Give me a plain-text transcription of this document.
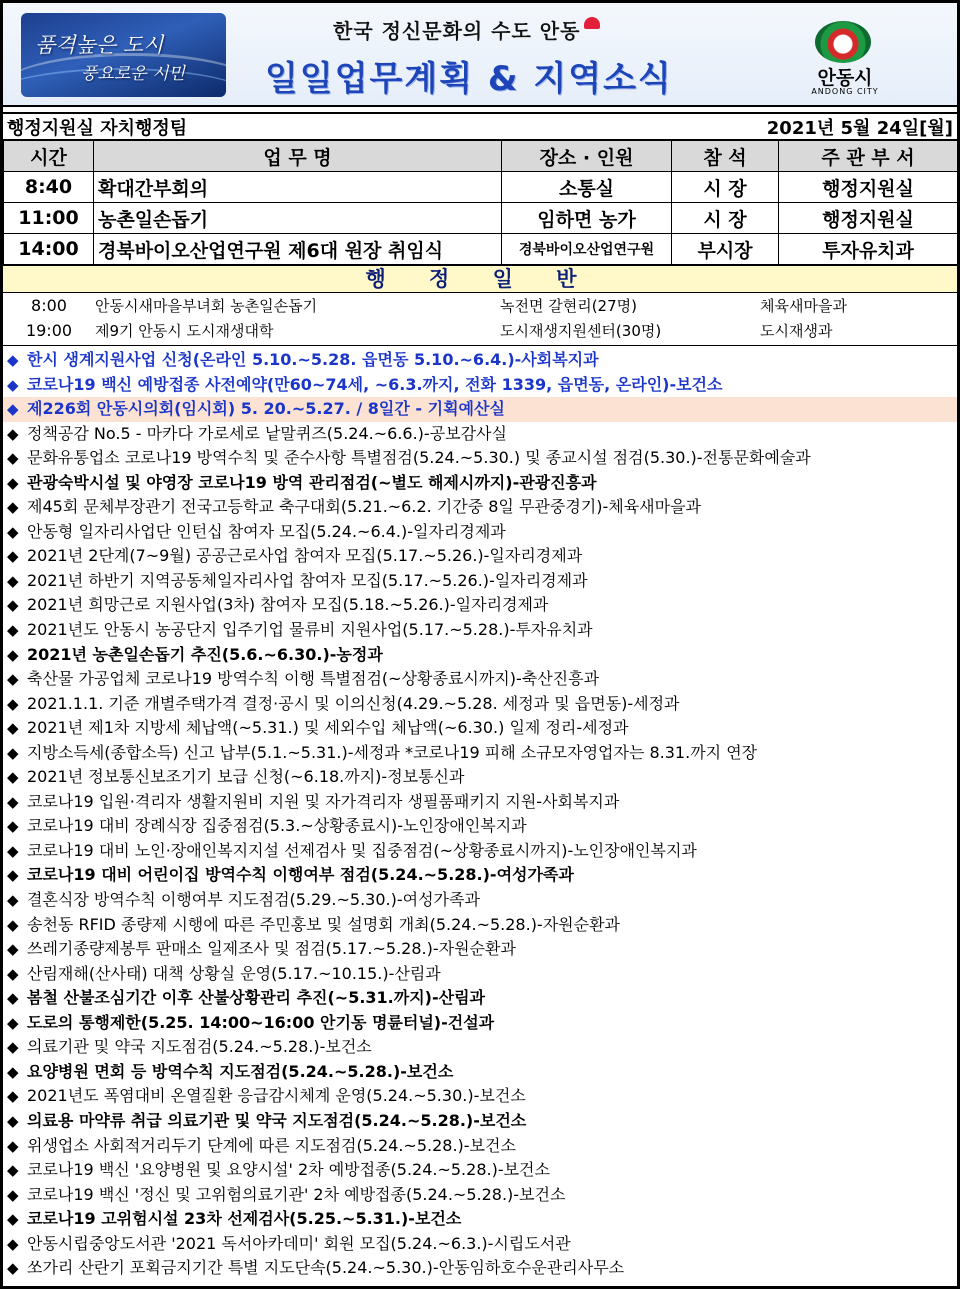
품격높은 도시
풍요로운 시민
한국 정신문화의 수도 안동
일일업무계획 & 지역소식	안동시
ANDONG CITY
행정지원실 자치행정팀	2021년 5월 24일[월]
시간	업 무 명	장소 · 인원	참 석	주 관 부 서
8:40	확대간부회의	소통실	시 장	행정지원실
11:00	농촌일손돕기	임하면 농가	시 장	행정지원실
14:00	경북바이오산업연구원 제6대 원장 취임식	경북바이오산업연구원	부시장	투자유치과
행 정 일 반
8:00	안동시새마을부녀회 농촌일손돕기	녹전면 갈현리(27명)	체육새마을과
19:00	제9기 안동시 도시재생대학	도시재생지원센터(30명)	도시재생과
◆ 한시 생계지원사업 신청(온라인 5.10.~5.28. 읍면동 5.10.~6.4.)-사회복지과
◆ 코로나19 백신 예방접종 사전예약(만60~74세, ~6.3.까지, 전화 1339, 읍면동, 온라인)-보건소
◆ 제226회 안동시의회(임시회) 5. 20.~5.27. / 8일간 - 기획예산실
◆ 정책공감 No.5 - 마카다 가로세로 낱말퀴즈(5.24.~6.6.)-공보감사실
◆ 문화유통업소 코로나19 방역수칙 및 준수사항 특별점검(5.24.~5.30.) 및 종교시설 점검(5.30.)-전통문화예술과
◆ 관광숙박시설 및 야영장 코로나19 방역 관리점검(~별도 해제시까지)-관광진흥과
◆ 제45회 문체부장관기 전국고등학교 축구대회(5.21.~6.2. 기간중 8일 무관중경기)-체육새마을과
◆ 안동형 일자리사업단 인턴십 참여자 모집(5.24.~6.4.)-일자리경제과
◆ 2021년 2단계(7~9월) 공공근로사업 참여자 모집(5.17.~5.26.)-일자리경제과
◆ 2021년 하반기 지역공동체일자리사업 참여자 모집(5.17.~5.26.)-일자리경제과
◆ 2021년 희망근로 지원사업(3차) 참여자 모집(5.18.~5.26.)-일자리경제과
◆ 2021년도 안동시 농공단지 입주기업 물류비 지원사업(5.17.~5.28.)-투자유치과
◆ 2021년 농촌일손돕기 추진(5.6.~6.30.)-농정과
◆ 축산물 가공업체 코로나19 방역수칙 이행 특별점검(~상황종료시까지)-축산진흥과
◆ 2021.1.1. 기준 개별주택가격 결정·공시 및 이의신청(4.29.~5.28. 세정과 및 읍면동)-세정과
◆ 2021년 제1차 지방세 체납액(~5.31.) 및 세외수입 체납액(~6.30.) 일제 정리-세정과
◆ 지방소득세(종합소득) 신고 납부(5.1.~5.31.)-세정과 *코로나19 피해 소규모자영업자는 8.31.까지 연장
◆ 2021년 정보통신보조기기 보급 신청(~6.18.까지)-정보통신과
◆ 코로나19 입원·격리자 생활지원비 지원 및 자가격리자 생필품패키지 지원-사회복지과
◆ 코로나19 대비 장례식장 집중점검(5.3.~상황종료시)-노인장애인복지과
◆ 코로나19 대비 노인·장애인복지지설 선제검사 및 집중점검(~상황종료시까지)-노인장애인복지과
◆ 코로나19 대비 어린이집 방역수칙 이행여부 점검(5.24.~5.28.)-여성가족과
◆ 결혼식장 방역수칙 이행여부 지도점검(5.29.~5.30.)-여성가족과
◆ 송천동 RFID 종량제 시행에 따른 주민홍보 및 설명회 개최(5.24.~5.28.)-자원순환과
◆ 쓰레기종량제봉투 판매소 일제조사 및 점검(5.17.~5.28.)-자원순환과
◆ 산림재해(산사태) 대책 상황실 운영(5.17.~10.15.)-산림과
◆ 봄철 산불조심기간 이후 산불상황관리 추진(~5.31.까지)-산림과
◆ 도로의 통행제한(5.25. 14:00~16:00 안기동 명륜터널)-건설과
◆ 의료기관 및 약국 지도점검(5.24.~5.28.)-보건소
◆ 요양병원 면회 등 방역수칙 지도점검(5.24.~5.28.)-보건소
◆ 2021년도 폭염대비 온열질환 응급감시체계 운영(5.24.~5.30.)-보건소
◆ 의료용 마약류 취급 의료기관 및 약국 지도점검(5.24.~5.28.)-보건소
◆ 위생업소 사회적거리두기 단계에 따른 지도점검(5.24.~5.28.)-보건소
◆ 코로나19 백신 '요양병원 및 요양시설' 2차 예방접종(5.24.~5.28.)-보건소
◆ 코로나19 백신 '정신 및 고위험의료기관' 2차 예방접종(5.24.~5.28.)-보건소
◆ 코로나19 고위험시설 23차 선제검사(5.25.~5.31.)-보건소
◆ 안동시립중앙도서관 '2021 독서아카데미' 회원 모집(5.24.~6.3.)-시립도서관
◆ 쏘가리 산란기 포획금지기간 특별 지도단속(5.24.~5.30.)-안동임하호수운관리사무소
